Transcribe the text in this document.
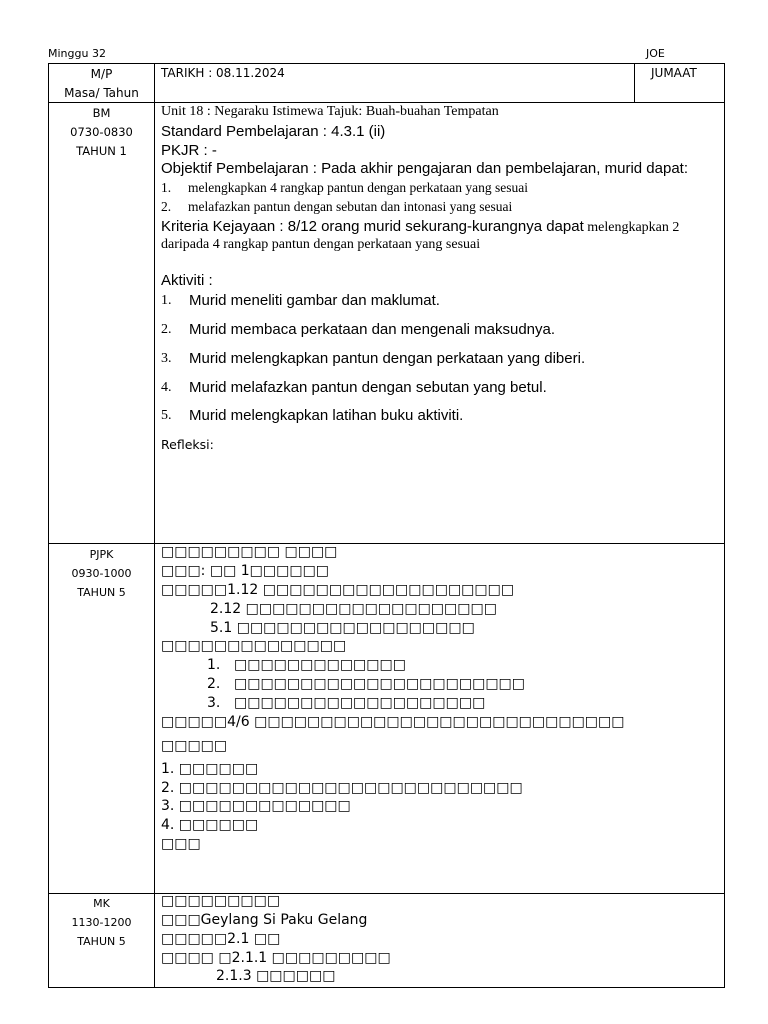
Minggu 32	JOE
M/P
Masa/ Tahun
TARIKH : 08.11.2024	JUMAAT
BM
0730-0830
TAHUN 1
Unit 18 : Negaraku Istimewa Tajuk: Buah-buahan Tempatan
Standard Pembelajaran : 4.3.1 (ii)
PKJR : -
Objektif Pembelajaran : Pada akhir pengajaran dan pembelajaran, murid dapat:
1. melengkapkan 4 rangkap pantun dengan perkataan yang sesuai
2. melafazkan pantun dengan sebutan dan intonasi yang sesuai
Kriteria Kejayaan : 8/12 orang murid sekurang-kurangnya dapat melengkapkan 2
daripada 4 rangkap pantun dengan perkataan yang sesuai
Aktiviti :
1. Murid meneliti gambar dan maklumat.
2. Murid membaca perkataan dan mengenali maksudnya.
3. Murid melengkapkan pantun dengan perkataan yang diberi.
4. Murid melafazkan pantun dengan sebutan yang betul.
5. Murid melengkapkan latihan buku aktiviti.
Refleksi:
PJPK
0930-1000
TAHUN 5
□□□□□□□□□ □□□□
□□□: □□ 1□□□□□□
□□□□□1.12 □□□□□□□□□□□□□□□□□□□
2.12 □□□□□□□□□□□□□□□□□□□
5.1 □□□□□□□□□□□□□□□□□□
□□□□□□□□□□□□□□
1. □□□□□□□□□□□□□
2. □□□□□□□□□□□□□□□□□□□□□□
3. □□□□□□□□□□□□□□□□□□□
□□□□□4/6 □□□□□□□□□□□□□□□□□□□□□□□□□□□□
□□□□□
1. □□□□□□
2. □□□□□□□□□□□□□□□□□□□□□□□□□□
3. □□□□□□□□□□□□□
4. □□□□□□
□□□
MK
1130-1200
TAHUN 5
□□□□□□□□□
□□□Geylang Si Paku Gelang
□□□□□2.1 □□
□□□□ □2.1.1 □□□□□□□□□
2.1.3 □□□□□□
